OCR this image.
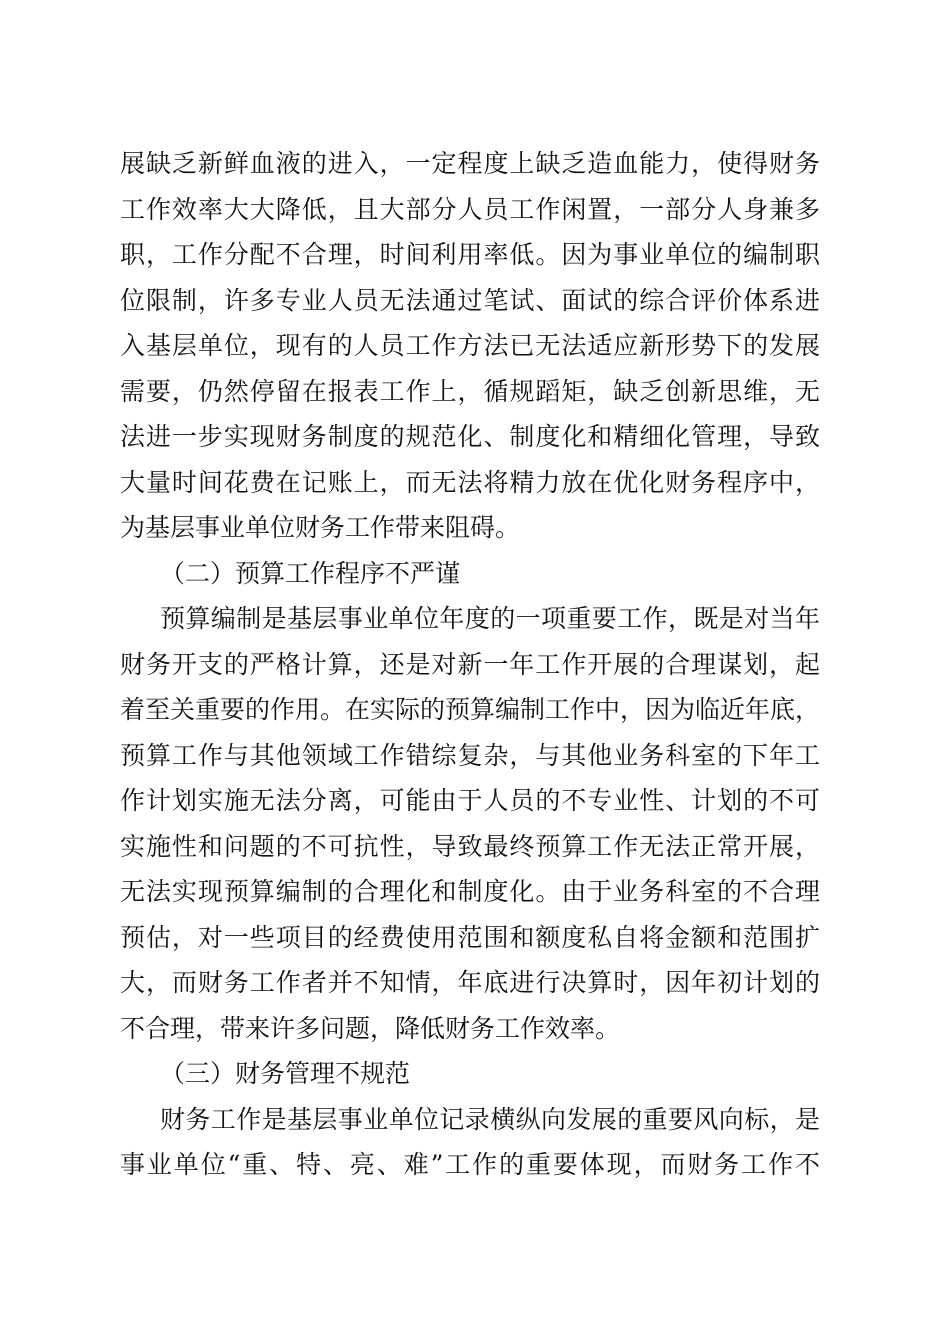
展缺乏新鲜血液的进入，一定程度上缺乏造血能力，使得财务
工作效率大大降低，且大部分人员工作闲置，一部分人身兼多
职，工作分配不合理，时间利用率低。因为事业单位的编制职
位限制，许多专业人员无法通过笔试、面试的综合评价体系进
入基层单位，现有的人员工作方法已无法适应新形势下的发展
需要，仍然停留在报表工作上，循规蹈矩，缺乏创新思维，无
法进一步实现财务制度的规范化、制度化和精细化管理，导致
大量时间花费在记账上，而无法将精力放在优化财务程序中，
为基层事业单位财务工作带来阻碍。
（二）预算工作程序不严谨
预算编制是基层事业单位年度的一项重要工作，既是对当年
财务开支的严格计算，还是对新一年工作开展的合理谋划，起
着至关重要的作用。在实际的预算编制工作中，因为临近年底，
预算工作与其他领域工作错综复杂，与其他业务科室的下年工
作计划实施无法分离，可能由于人员的不专业性、计划的不可
实施性和问题的不可抗性，导致最终预算工作无法正常开展，
无法实现预算编制的合理化和制度化。由于业务科室的不合理
预估，对一些项目的经费使用范围和额度私自将金额和范围扩
大，而财务工作者并不知情，年底进行决算时，因年初计划的
不合理，带来许多问题，降低财务工作效率。
（三）财务管理不规范
财务工作是基层事业单位记录横纵向发展的重要风向标，是
事业单位“重、特、亮、难”工作的重要体现，而财务工作不
